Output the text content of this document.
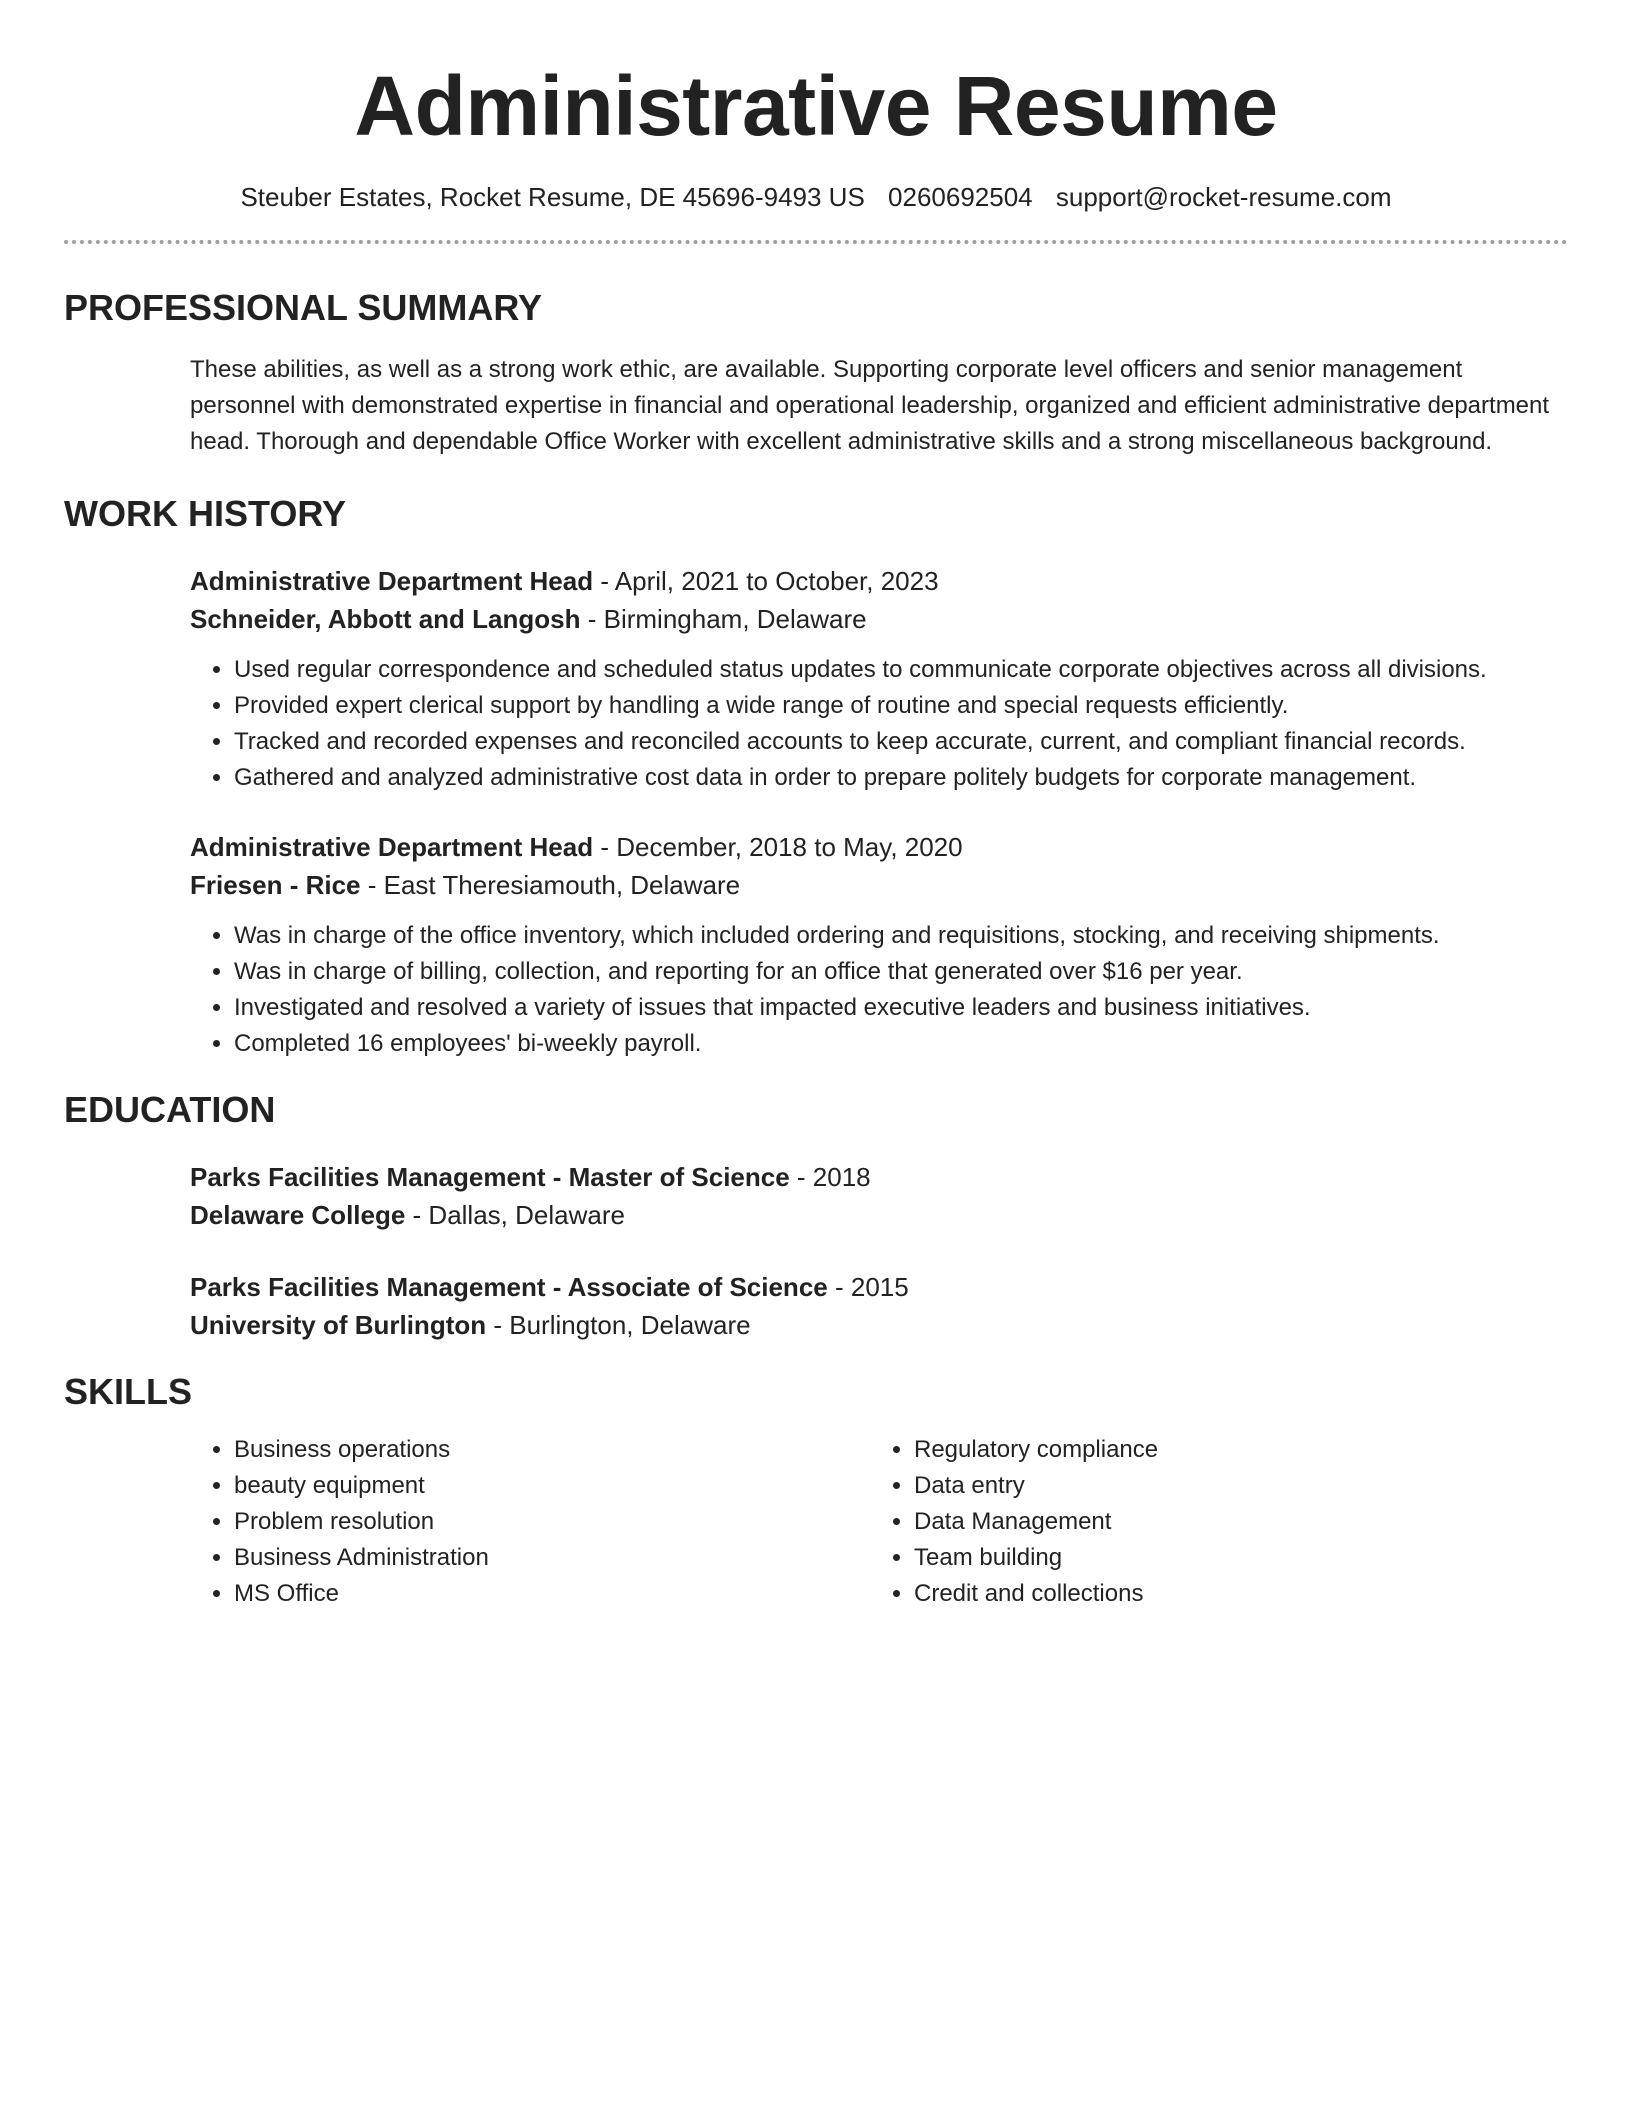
Administrative Resume
Steuber Estates, Rocket Resume, DE 45696-9493 US 0260692504 support@rocket-resume.com
PROFESSIONAL SUMMARY

These abilities, as well as a strong work ethic, are available. Supporting corporate level officers and senior management personnel with demonstrated expertise in financial and operational leadership, organized and efficient administrative department head. Thorough and dependable Office Worker with excellent administrative skills and a strong miscellaneous background.

WORK HISTORY
Administrative Department Head - April, 2021 to October, 2023
Schneider, Abbott and Langosh - Birmingham, Delaware
• Used regular correspondence and scheduled status updates to communicate corporate objectives across all divisions.
• Provided expert clerical support by handling a wide range of routine and special requests efficiently.
• Tracked and recorded expenses and reconciled accounts to keep accurate, current, and compliant financial records.
• Gathered and analyzed administrative cost data in order to prepare politely budgets for corporate management.
Administrative Department Head - December, 2018 to May, 2020
Friesen - Rice - East Theresiamouth, Delaware
• Was in charge of the office inventory, which included ordering and requisitions, stocking, and receiving shipments.
• Was in charge of billing, collection, and reporting for an office that generated over $16 per year.
• Investigated and resolved a variety of issues that impacted executive leaders and business initiatives.
• Completed 16 employees' bi-weekly payroll.
EDUCATION
Parks Facilities Management - Master of Science - 2018
Delaware College - Dallas, Delaware
Parks Facilities Management - Associate of Science - 2015
University of Burlington - Burlington, Delaware
SKILLS
• Business operations
• beauty equipment
• Problem resolution
• Business Administration
• MS Office
• Regulatory compliance
• Data entry
• Data Management
• Team building
• Credit and collections
